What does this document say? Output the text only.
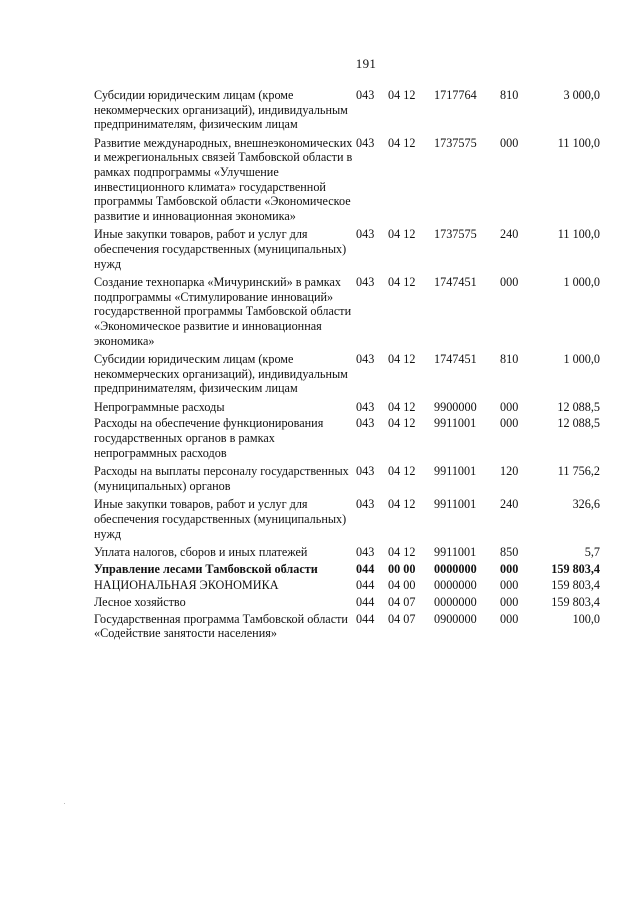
191
Субсидии юридическим лицам (кроме некоммерческих организаций), индивидуальным предпринимателям, физическим лицам	043	04 12	1717764	810	3 000,0
Развитие международных, внешнеэкономических и межрегиональных связей Тамбовской области в рамках подпрограммы «Улучшение инвестиционного климата» государственной программы Тамбовской области «Экономическое развитие и инновационная экономика»	043	04 12	1737575	000	11 100,0
Иные закупки товаров, работ и услуг для обеспечения государственных (муниципальных) нужд	043	04 12	1737575	240	11 100,0
Создание технопарка «Мичуринский» в рамках подпрограммы «Стимулирование инноваций» государственной программы Тамбовской области «Экономическое развитие и инновационная экономика»	043	04 12	1747451	000	1 000,0
Субсидии юридическим лицам (кроме некоммерческих организаций), индивидуальным предпринимателям, физическим лицам	043	04 12	1747451	810	1 000,0
Непрограммные расходы	043	04 12	9900000	000	12 088,5
Расходы на обеспечение функционирования государственных органов в рамках непрограммных расходов	043	04 12	9911001	000	12 088,5
Расходы на выплаты персоналу государственных (муниципальных) органов	043	04 12	9911001	120	11 756,2
Иные закупки товаров, работ и услуг для обеспечения государственных (муниципальных) нужд	043	04 12	9911001	240	326,6
Уплата налогов, сборов и иных платежей	043	04 12	9911001	850	5,7
Управление лесами Тамбовской области	044	00 00	0000000	000	159 803,4
НАЦИОНАЛЬНАЯ ЭКОНОМИКА	044	04 00	0000000	000	159 803,4
Лесное хозяйство	044	04 07	0000000	000	159 803,4
Государственная программа Тамбовской области «Содействие занятости населения»	044	04 07	0900000	000	100,0
